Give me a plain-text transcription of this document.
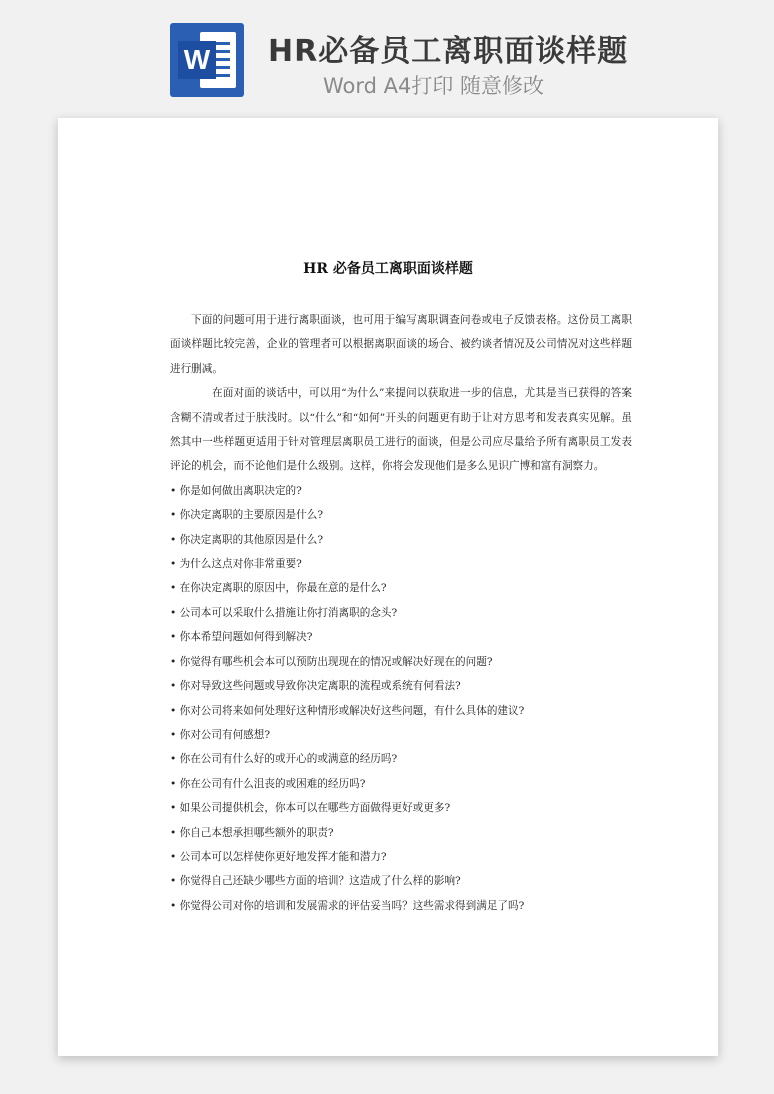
W HR必备员工离职面谈样题
Word A4打印 随意修改
HR 必备员工离职面谈样题

下面的问题可用于进行离职面谈，也可用于编写离职调查问卷或电子反馈表格。这份员工离职面谈样题比较完善，企业的管理者可以根据离职面谈的场合、被约谈者情况及公司情况对这些样题进行删减。

在面对面的谈话中，可以用“为什么”来提问以获取进一步的信息，尤其是当已获得的答案含糊不清或者过于肤浅时。以“什么”和“如何”开头的问题更有助于让对方思考和发表真实见解。虽然其中一些样题更适用于针对管理层离职员工进行的面谈，但是公司应尽量给予所有离职员工发表评论的机会，而不论他们是什么级别。这样，你将会发现他们是多么见识广博和富有洞察力。

• 你是如何做出离职决定的?
• 你决定离职的主要原因是什么?
• 你决定离职的其他原因是什么?
• 为什么这点对你非常重要?
• 在你决定离职的原因中，你最在意的是什么?
• 公司本可以采取什么措施让你打消离职的念头?
• 你本希望问题如何得到解决?
• 你觉得有哪些机会本可以预防出现现在的情况或解决好现在的问题?
• 你对导致这些问题或导致你决定离职的流程或系统有何看法?
• 你对公司将来如何处理好这种情形或解决好这些问题，有什么具体的建议?
• 你对公司有何感想?
• 你在公司有什么好的或开心的或满意的经历吗?
• 你在公司有什么沮丧的或困难的经历吗?
• 如果公司提供机会，你本可以在哪些方面做得更好或更多?
• 你自己本想承担哪些额外的职责?
• 公司本可以怎样使你更好地发挥才能和潜力?
• 你觉得自己还缺少哪些方面的培训？这造成了什么样的影响?
• 你觉得公司对你的培训和发展需求的评估妥当吗？这些需求得到满足了吗?
